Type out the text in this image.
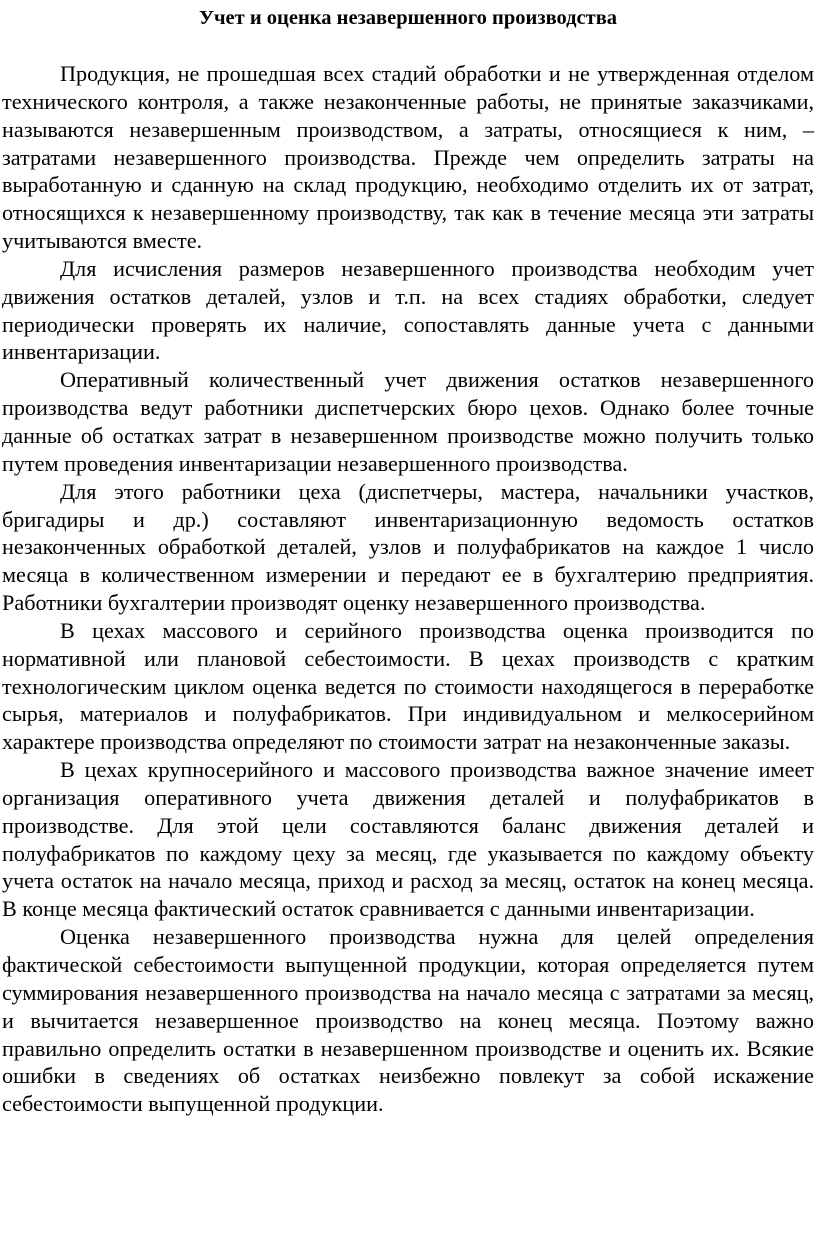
Учет и оценка незавершенного производства

Продукция, не прошедшая всех стадий обработки и не утвержденная отделом технического контроля, а также незаконченные работы, не принятые заказчиками, называются незавершенным производством, а затраты, относящиеся к ним, – затратами незавершенного производства. Прежде чем определить затраты на выработанную и сданную на склад продукцию, необходимо отделить их от затрат, относящихся к незавершенному производству, так как в течение месяца эти затраты учитываются вместе.

Для исчисления размеров незавершенного производства необходим учет движения остатков деталей, узлов и т.п. на всех стадиях обработки, следует периодически проверять их наличие, сопоставлять данные учета с данными инвентаризации.

Оперативный количественный учет движения остатков незавершенного производства ведут работники диспетчерских бюро цехов. Однако более точные данные об остатках затрат в незавершенном производстве можно получить только путем проведения инвентаризации незавершенного производства.

Для этого работники цеха (диспетчеры, мастера, начальники участков, бригадиры и др.) составляют инвентаризационную ведомость остатков незаконченных обработкой деталей, узлов и полуфабрикатов на каждое 1 число месяца в количественном измерении и передают ее в бухгалтерию предприятия. Работники бухгалтерии производят оценку незавершенного производства.

В цехах массового и серийного производства оценка производится по нормативной или плановой себестоимости. В цехах производств с кратким технологическим циклом оценка ведется по стоимости находящегося в переработке сырья, материалов и полуфабрикатов. При индивидуальном и мелкосерийном характере производства определяют по стоимости затрат на незаконченные заказы.

В цехах крупносерийного и массового производства важное значение имеет организация оперативного учета движения деталей и полуфабрикатов в производстве. Для этой цели составляются баланс движения деталей и полуфабрикатов по каждому цеху за месяц, где указывается по каждому объекту учета остаток на начало месяца, приход и расход за месяц, остаток на конец месяца. В конце месяца фактический остаток сравнивается с данными инвентаризации.

Оценка незавершенного производства нужна для целей определения фактической себестоимости выпущенной продукции, которая определяется путем суммирования незавершенного производства на начало месяца с затратами за месяц, и вычитается незавершенное производство на конец месяца. Поэтому важно правильно определить остатки в незавершенном производстве и оценить их. Всякие ошибки в сведениях об остатках неизбежно повлекут за собой искажение себестоимости выпущенной продукции.
